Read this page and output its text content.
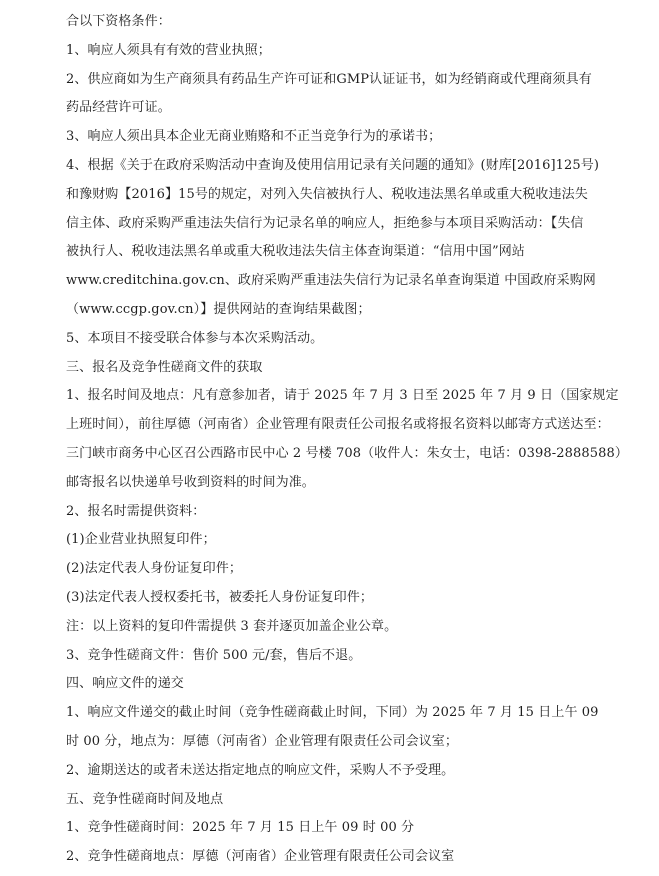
合以下资格条件：
1、响应人须具有有效的营业执照；
2、供应商如为生产商须具有药品生产许可证和GMP认证证书，如为经销商或代理商须具有
药品经营许可证。
3、响应人须出具本企业无商业贿赂和不正当竞争行为的承诺书；
4、根据《关于在政府采购活动中查询及使用信用记录有关问题的通知》(财库[2016]125号)
和豫财购【2016】15号的规定，对列入失信被执行人、税收违法黑名单或重大税收违法失
信主体、政府采购严重违法失信行为记录名单的响应人，拒绝参与本项目采购活动：【失信
被执行人、税收违法黑名单或重大税收违法失信主体查询渠道：“信用中国”网站
www.creditchina.gov.cn、政府采购严重违法失信行为记录名单查询渠道 中国政府采购网
（www.ccgp.gov.cn）】提供网站的查询结果截图；
5、本项目不接受联合体参与本次采购活动。
三、报名及竞争性磋商文件的获取
1、报名时间及地点：凡有意参加者，请于 2025 年 7 月 3 日至 2025 年 7 月 9 日（国家规定
上班时间），前往厚德（河南省）企业管理有限责任公司报名或将报名资料以邮寄方式送达至：
三门峡市商务中心区召公西路市民中心 2 号楼 708（收件人：朱女士，电话：0398-2888588）
邮寄报名以快递单号收到资料的时间为准。
2、报名时需提供资料：
(1)企业营业执照复印件；
(2)法定代表人身份证复印件；
(3)法定代表人授权委托书，被委托人身份证复印件；
注：以上资料的复印件需提供 3 套并逐页加盖企业公章。
3、竞争性磋商文件：售价 500 元/套，售后不退。
四、响应文件的递交
1、响应文件递交的截止时间（竞争性磋商截止时间，下同）为 2025 年 7 月 15 日上午 09
时 00 分，地点为：厚德（河南省）企业管理有限责任公司会议室；
2、逾期送达的或者未送达指定地点的响应文件，采购人不予受理。
五、竞争性磋商时间及地点
1、竞争性磋商时间：2025 年 7 月 15 日上午 09 时 00 分
2、竞争性磋商地点：厚德（河南省）企业管理有限责任公司会议室
